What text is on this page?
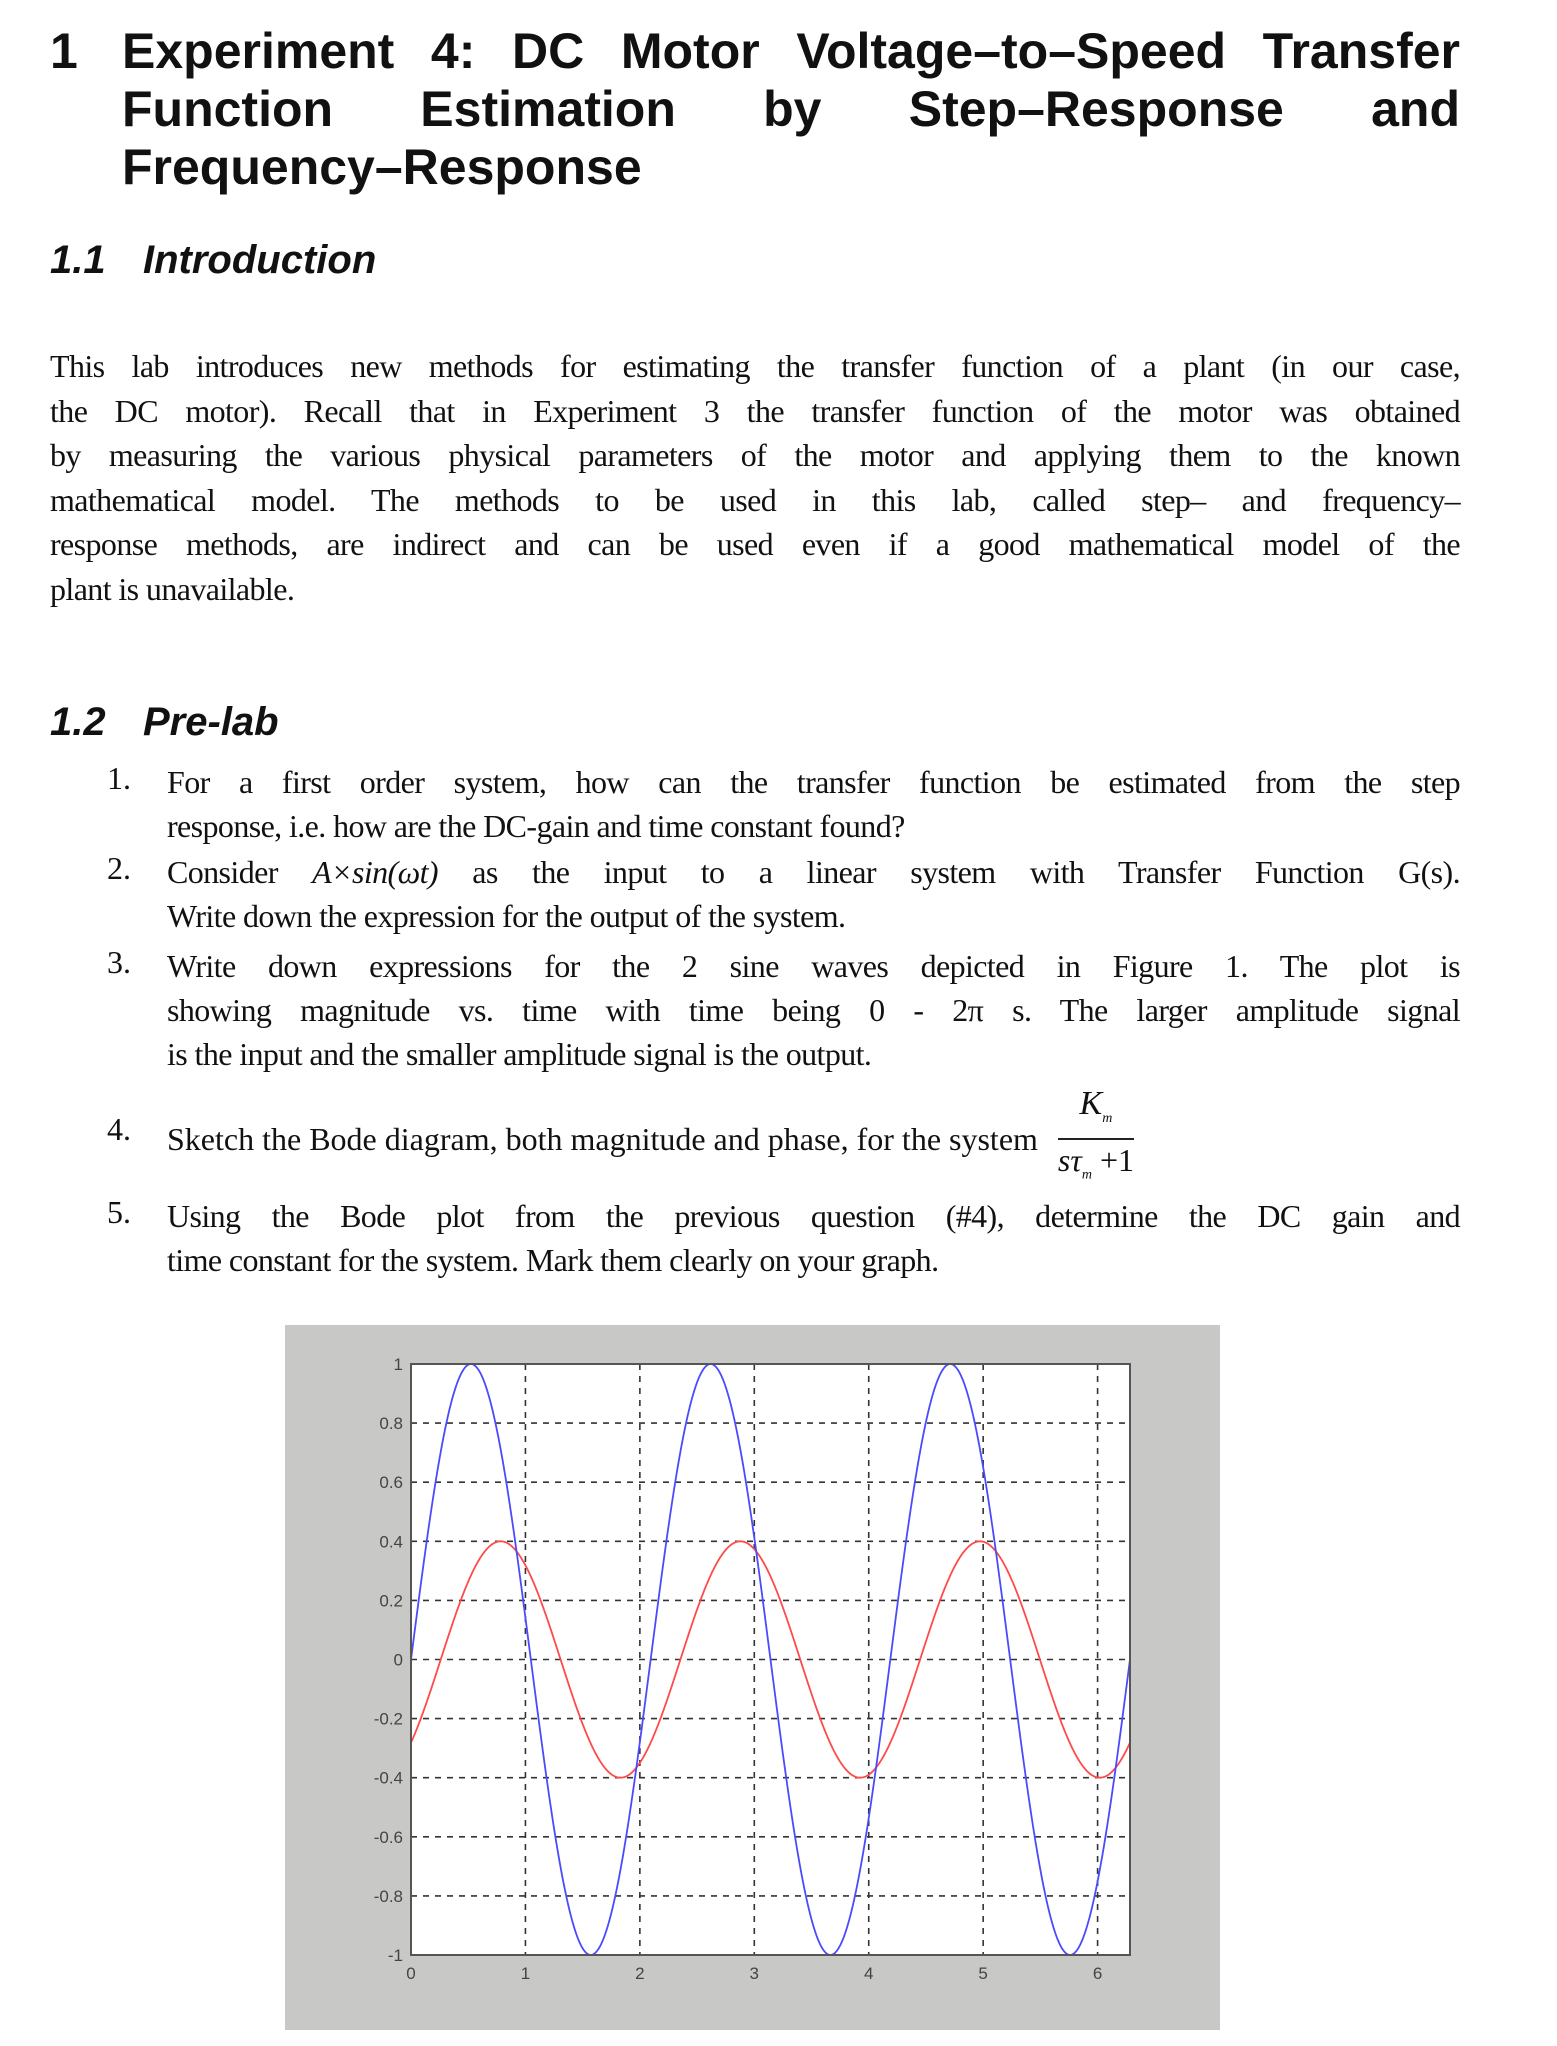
1 Experiment 4: DC Motor Voltage–to–Speed Transfer
Function Estimation by Step–Response and
Frequency–Response
1.1 Introduction
This lab introduces new methods for estimating the transfer function of a plant (in our case,
the DC motor). Recall that in Experiment 3 the transfer function of the motor was obtained
by measuring the various physical parameters of the motor and applying them to the known
mathematical model. The methods to be used in this lab, called step– and frequency–
response methods, are indirect and can be used even if a good mathematical model of the
plant is unavailable.
1.2 Pre-lab
1. For a first order system, how can the transfer function be estimated from the step
response, i.e. how are the DC-gain and time constant found?
2. Consider A×sin(ωt) as the input to a linear system with Transfer Function G(s).
Write down the expression for the output of the system.
3. Write down expressions for the 2 sine waves depicted in Figure 1. The plot is
showing magnitude vs. time with time being 0 - 2π s. The larger amplitude signal
is the input and the smaller amplitude signal is the output.
4. Sketch the Bode diagram, both magnitude and phase, for the system $\frac{K_m}{s\tau_m +1}$
5. Using the Bode plot from the previous question (#4), determine the DC gain and
time constant for the system. Mark them clearly on your graph.
-1
-0.8
-0.6
-0.4
-0.2
0
0.2
0.4
0.6
0.8
1
0	1	2	3	4	5	6
